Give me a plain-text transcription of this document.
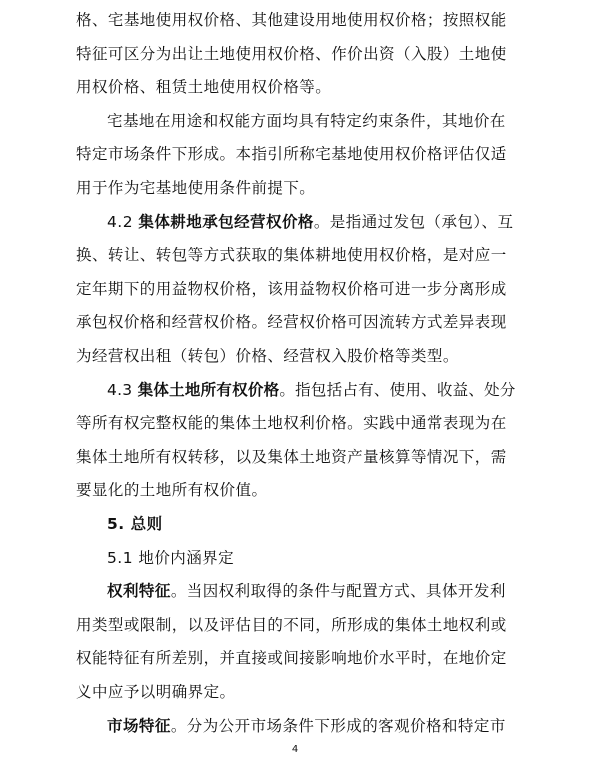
格、宅基地使用权价格、其他建设用地使用权价格；按照权能
特征可区分为出让土地使用权价格、作价出资（入股）土地使
用权价格、租赁土地使用权价格等。
宅基地在用途和权能方面均具有特定约束条件，其地价在
特定市场条件下形成。本指引所称宅基地使用权价格评估仅适
用于作为宅基地使用条件前提下。
4.2 集体耕地承包经营权价格。是指通过发包（承包）、互
换、转让、转包等方式获取的集体耕地使用权价格，是对应一
定年期下的用益物权价格，该用益物权价格可进一步分离形成
承包权价格和经营权价格。经营权价格可因流转方式差异表现
为经营权出租（转包）价格、经营权入股价格等类型。
4.3 集体土地所有权价格。指包括占有、使用、收益、处分
等所有权完整权能的集体土地权利价格。实践中通常表现为在
集体土地所有权转移，以及集体土地资产量核算等情况下，需
要显化的土地所有权价值。
5. 总则
5.1 地价内涵界定
权利特征。当因权利取得的条件与配置方式、具体开发利
用类型或限制，以及评估目的不同，所形成的集体土地权利或
权能特征有所差别，并直接或间接影响地价水平时，在地价定
义中应予以明确界定。
市场特征。分为公开市场条件下形成的客观价格和特定市
4
